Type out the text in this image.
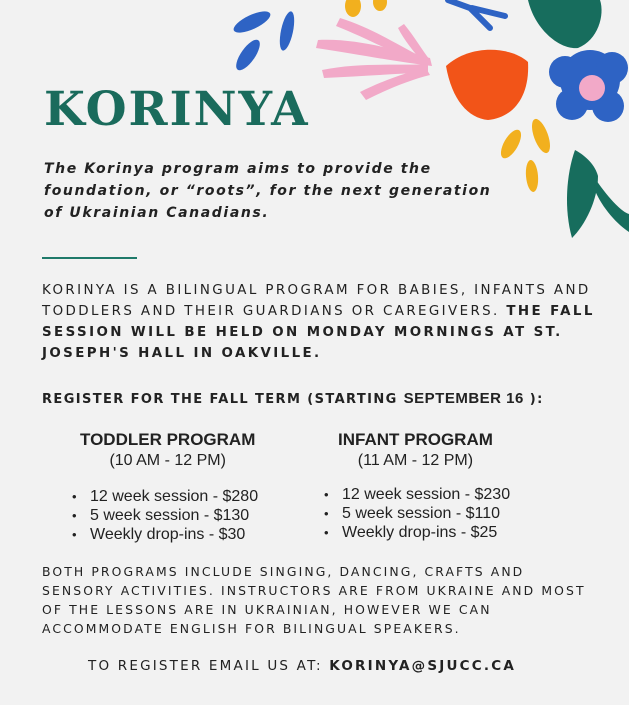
KORINYA

The Korinya program aims to provide the foundation, or “roots”, for the next generation of Ukrainian Canadians.

KORINYA IS A BILINGUAL PROGRAM FOR BABIES, INFANTS AND TODDLERS AND THEIR GUARDIANS OR CAREGIVERS. THE FALL SESSION WILL BE HELD ON MONDAY MORNINGS AT ST. JOSEPH'S HALL IN OAKVILLE.

REGISTER FOR THE FALL TERM (STARTING SEPTEMBER 16 ):

TODDLER PROGRAM

(10 AM - 12 PM)

• 12 week session - $280
• 5 week session - $130
• Weekly drop-ins - $30

INFANT PROGRAM

(11 AM - 12 PM)

• 12 week session - $230
• 5 week session - $110
• Weekly drop-ins - $25

BOTH PROGRAMS INCLUDE SINGING, DANCING, CRAFTS AND SENSORY ACTIVITIES. INSTRUCTORS ARE FROM UKRAINE AND MOST OF THE LESSONS ARE IN UKRAINIAN, HOWEVER WE CAN ACCOMMODATE ENGLISH FOR BILINGUAL SPEAKERS.

TO REGISTER EMAIL US AT: KORINYA@SJUCC.CA
